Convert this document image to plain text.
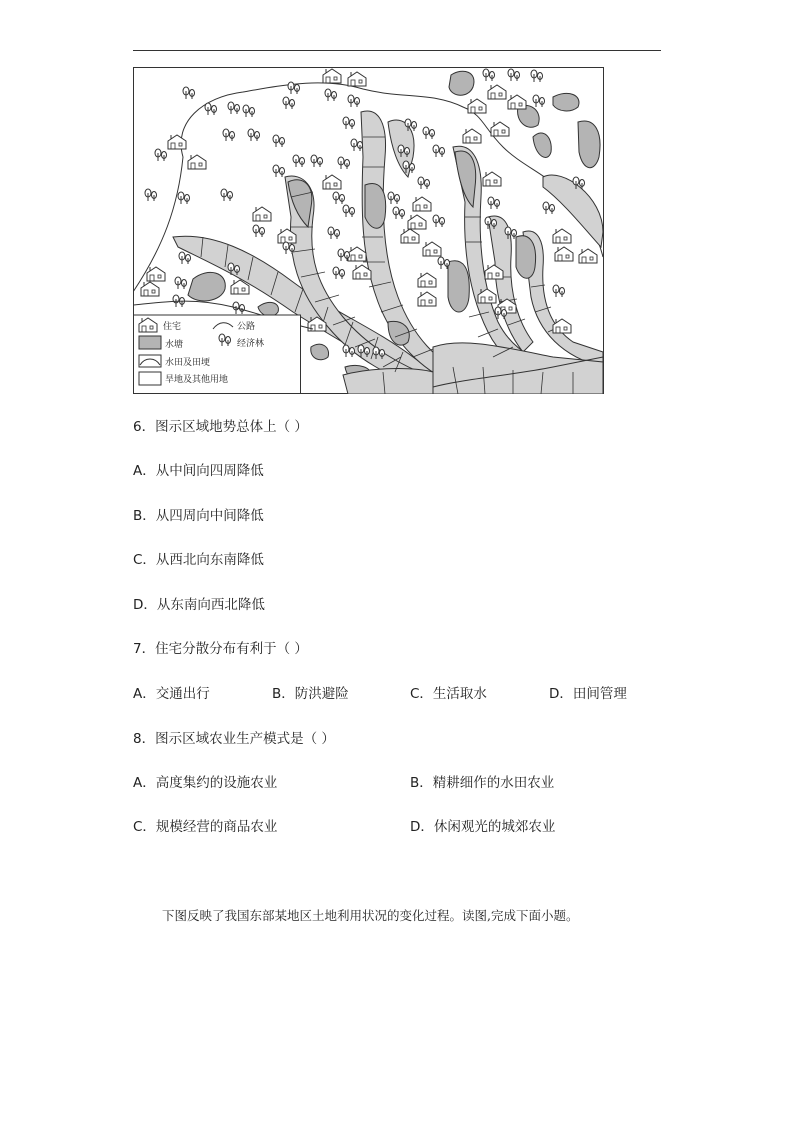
住宅	公路
水塘	经济林
水田及田埂
旱地及其他用地
6．图示区域地势总体上（ ）
A．从中间向四周降低
B．从四周向中间降低
C．从西北向东南降低
D．从东南向西北降低
7．住宅分散分布有利于（ ）
A．交通出行	B．防洪避险	C．生活取水	D．田间管理
8．图示区域农业生产模式是（ ）
A．高度集约的设施农业	B．精耕细作的水田农业
C．规模经营的商品农业	D．休闲观光的城郊农业
下图反映了我国东部某地区土地利用状况的变化过程。读图,完成下面小题。
